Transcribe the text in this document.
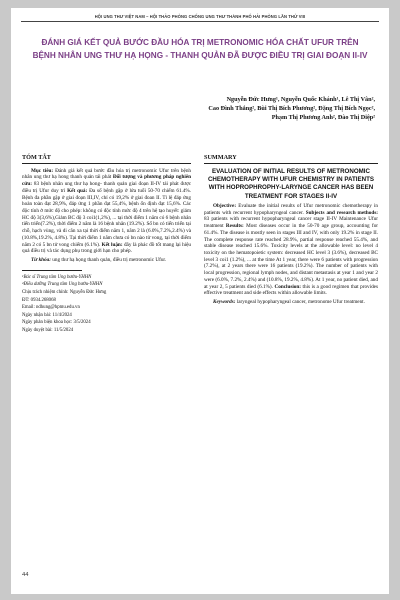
HỘI UNG THƯ VIỆT NAM – HỘI THẢO PHÒNG CHỐNG UNG THƯ THÀNH PHỐ HẢI PHÒNG LẦN THỨ VIII
ĐÁNH GIÁ KẾT QUẢ BƯỚC ĐẦU HÓA TRỊ METRONOMIC HÓA CHẤT UFUR TRÊN BỆNH NHÂN UNG THƯ HẠ HỌNG - THANH QUẢN ĐÃ ĐƯỢC ĐIỀU TRỊ GIAI ĐOẠN II-IV
Nguyễn Đức Hưng¹, Nguyễn Quốc Khánh¹, Lê Thị Vân²,
Cao Đình Thắng², Bùi Thị Bích Phương², Đặng Thị Bích Ngọc²,
Phạm Thị Phương Anh², Đào Thị Diệp²
TÓM TẮT

Mục tiêu: Đánh giá kết quả bước đầu hóa trị metronomic Ufur trên bệnh nhân ung thư hạ hong thanh quản tái phát Đối tượng và phương pháp nghiên cứu: 83 bệnh nhân ung thư hạ hong- thanh quản giai đoạn II-IV tái phát được điều trị Ufur duy trì Kết quả: Đa số bệnh gặp ở lứa tuổi 50-70 chiếm 61.4%. Bệnh đa phần gặp ở giai đoạn III,IV, chỉ có 19,2% ở giai đoan II. Tỉ lệ đáp ứng hoàn toàn đạt 28,9%, đáp ứng 1 phần đạt 55,4%, bệnh ổn định đạt 15,6%. Các độc tính ở mức độ cho phép: không có độc tính mức độ 4 trên hệ tạo huyết: giảm HC độ 3(3,6%),Giảm BC độ 3 coi1(1,2%), ... tại thời điểm 1 năm có 6 bệnh nhân tiến triển(7.2%), thời điểm 2 năm là 16 bệnh nhân (19.2%). Số bn có tiến triển tại chỗ, hạch vùng, và di căn xa tại thời điểm năm 1, năm 2 là (6.0%,7.2%,2.4%) và (10.8%,19.2%, 4.8%). Tại thời điểm 1 năm chưa có bn nào tử vong, tại thời điểm năm 2 có 5 bn tử vong chiếm (6.1%). Kết luận: đây là phác đồ tốt mang lại hiệu quả điều trị và tác dụng phụ trong giới hạn cho phép.

Từ khóa: ung thư hạ họng thanh quản, điều trị metronomic Ufur.

¹Bác sĩ Trung tâm Ung bướu-YHHN
²Điều dưỡng Trung tâm Ung bướu-YHHN
Chịu trách nhiệm chính: Nguyễn Đức Hưng
ĐT: 0934.268068
Email: ndhung@hpmu.edu.vn
Ngày nhận bài: 11/4/2024
Ngày phản biện khoa học: 3/5/2024
Ngày duyệt bài: 11/5/2024
SUMMARY
EVALUATION OF INITIAL RESULTS OF METRONOMIC CHEMOTHERAPY WITH UFUR CHEMISTRY IN PATIENTS WITH HOPROPHROPHY-LARYNGE CANCER HAS BEEN TREATMENT FOR STAGES II-IV

Objective: Evaluate the initial results of Ufur metronomic chemotherapy in patients with recurrent hypopharyngeal cancer. Subjects and research methods: 83 patients with recurrent hypopharyngeal cancer stage II-IV Maintenance Ufur treatment Results: Most diseases occur in the 50-70 age group, accounting for 61.4%. The disease is mostly seen in stages III and IV, with only 19.2% in stage II. The complete response rate reached 28.9%, partial response reached 55.4%, and stable disease reached 15.6%. Toxicity levels at the allowable level: no level 4 toxicity on the hematopoietic system: decreased HC level 3 (3.6%), decreased BC level 3 coi1 (1.2%), ... at the time At 1 year, there were 6 patients with progression (7.2%), at 2 years there were 16 patients (19.2%). The number of patients with local progression, regional lymph nodes, and distant metastasis at year 1 and year 2 were (6.0%, 7.2%, 2.4%) and (10.8%, 19.2%, 4.8%). At 1 year, no patient died, and at year 2, 5 patients died (6.1%). Conclusion: this is a good regimen that provides effective treatment and side effects within allowable limits.

Keywords: laryngeal hypopharyngeal cancer, metronome Ufur treatment.

44
